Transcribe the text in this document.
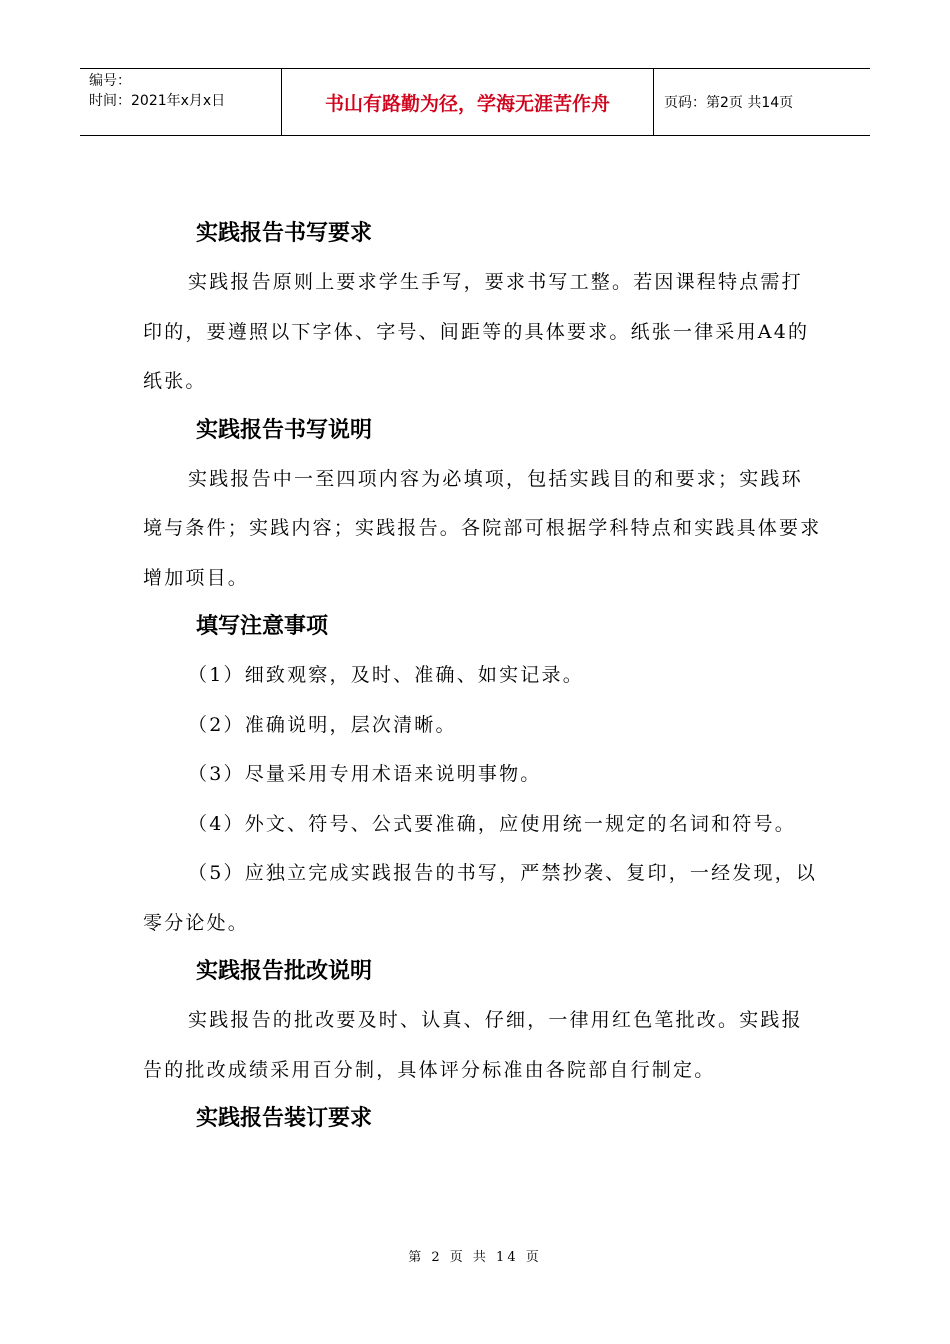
编号：
时间：2021年x月x日	书山有路勤为径，学海无涯苦作舟	页码：第2页 共14页
实践报告书写要求

实践报告原则上要求学生手写，要求书写工整。若因课程特点需打印的，要遵照以下字体、字号、间距等的具体要求。纸张一律采用A4的纸张。

实践报告书写说明

实践报告中一至四项内容为必填项，包括实践目的和要求；实践环境与条件；实践内容；实践报告。各院部可根据学科特点和实践具体要求增加项目。

填写注意事项

（1）细致观察，及时、准确、如实记录。

（2）准确说明，层次清晰。

（3）尽量采用专用术语来说明事物。

（4）外文、符号、公式要准确，应使用统一规定的名词和符号。

（5）应独立完成实践报告的书写，严禁抄袭、复印，一经发现，以零分论处。

实践报告批改说明

实践报告的批改要及时、认真、仔细，一律用红色笔批改。实践报告的批改成绩采用百分制，具体评分标准由各院部自行制定。

实践报告装订要求
第 2 页 共 14 页
